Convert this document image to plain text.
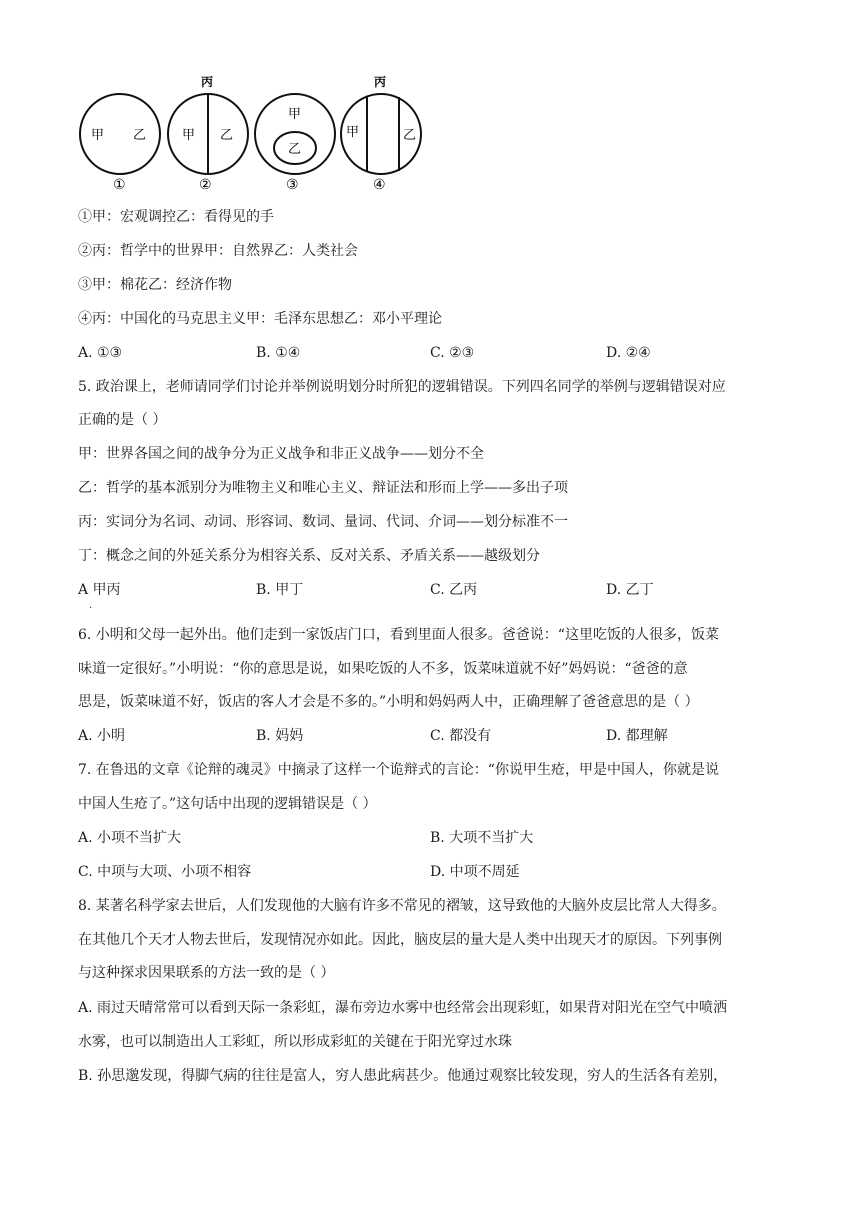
甲 乙
①
丙
甲 乙
②
甲
乙
③
丙
甲	乙
④
①甲：宏观调控乙：看得见的手
②丙：哲学中的世界甲：自然界乙：人类社会
③甲：棉花乙：经济作物
④丙：中国化的马克思主义甲：毛泽东思想乙：邓小平理论
A. ①③	B. ①④	C. ②③	D. ②④
5. 政治课上，老师请同学们讨论并举例说明划分时所犯的逻辑错误。下列四名同学的举例与逻辑错误对应
正确的是（ ）
甲：世界各国之间的战争分为正义战争和非正义战争——划分不全
乙：哲学的基本派别分为唯物主义和唯心主义、辩证法和形而上学——多出子项
丙：实词分为名词、动词、形容词、数词、量词、代词、介词——划分标准不一
丁：概念之间的外延关系分为相容关系、反对关系、矛盾关系——越级划分
A 甲丙	B. 甲丁	C. 乙丙	D. 乙丁
.
6. 小明和父母一起外出。他们走到一家饭店门口，看到里面人很多。爸爸说：“这里吃饭的人很多，饭菜
味道一定很好。”小明说：“你的意思是说，如果吃饭的人不多，饭菜味道就不好”妈妈说：“爸爸的意
思是，饭菜味道不好，饭店的客人才会是不多的。”小明和妈妈两人中，正确理解了爸爸意思的是（ ）
A. 小明	B. 妈妈	C. 都没有	D. 都理解
7. 在鲁迅的文章《论辩的魂灵》中摘录了这样一个诡辩式的言论：“你说甲生疮，甲是中国人，你就是说
中国人生疮了。”这句话中出现的逻辑错误是（ ）
A. 小项不当扩大	B. 大项不当扩大
C. 中项与大项、小项不相容	D. 中项不周延
8. 某著名科学家去世后，人们发现他的大脑有许多不常见的褶皱，这导致他的大脑外皮层比常人大得多。
在其他几个天才人物去世后，发现情况亦如此。因此，脑皮层的量大是人类中出现天才的原因。下列事例
与这种探求因果联系的方法一致的是（ ）
A. 雨过天晴常常可以看到天际一条彩虹，瀑布旁边水雾中也经常会出现彩虹，如果背对阳光在空气中喷洒
水雾，也可以制造出人工彩虹，所以形成彩虹的关键在于阳光穿过水珠
B. 孙思邈发现，得脚气病的往往是富人，穷人患此病甚少。他通过观察比较发现，穷人的生活各有差别，
